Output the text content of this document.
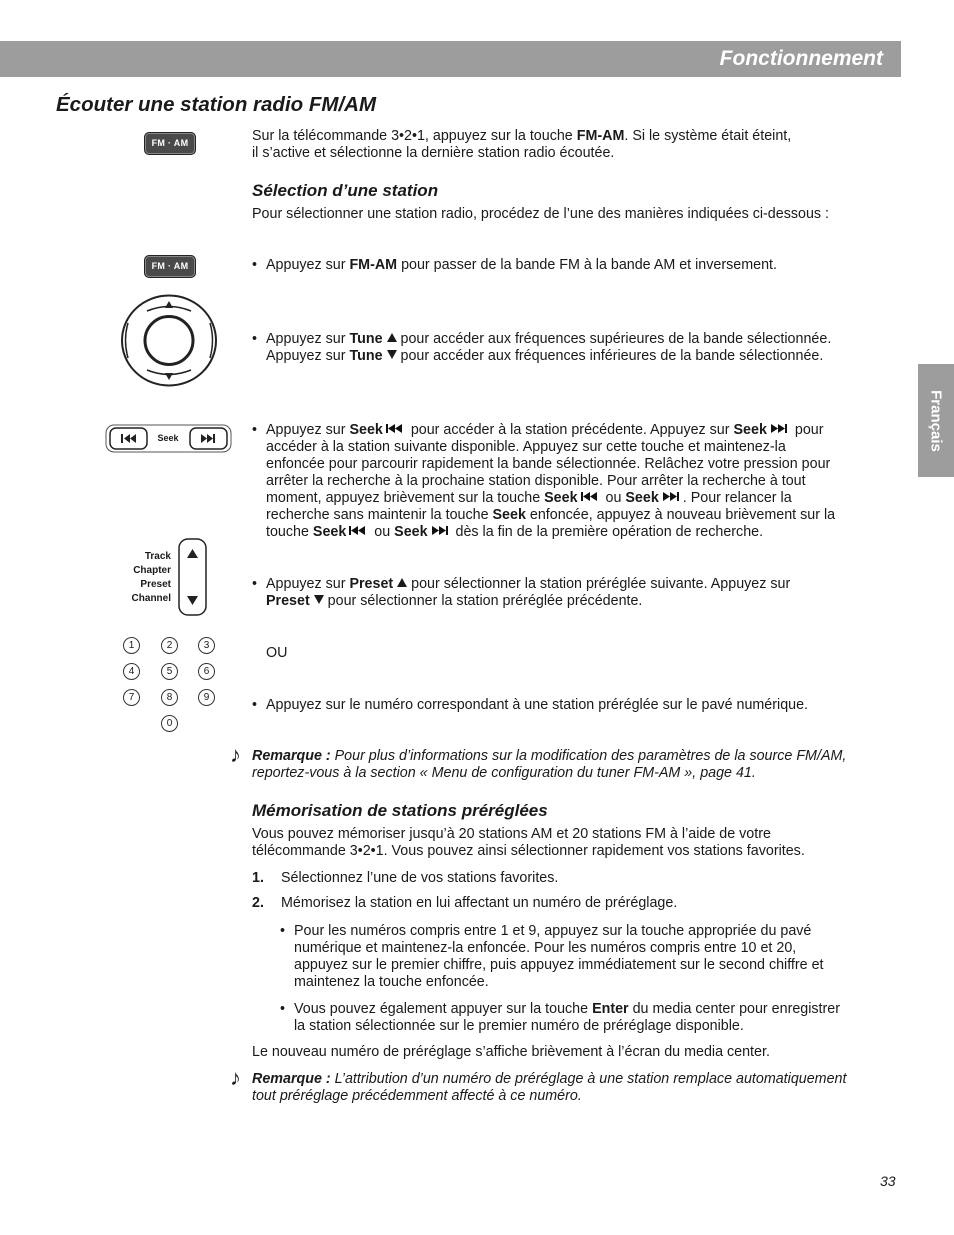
Fonctionnement
Français
Écouter une station radio FM/AM
FM · AM
FM · AM
Seek
Track
Chapter
Preset
Channel
1	2	3
4	5	6
7	8	9
0
Sur la télécommande 3•2•1, appuyez sur la touche FM-AM. Si le système était éteint,
il s’active et sélectionne la dernière station radio écoutée.
Sélection d’une station
Pour sélectionner une station radio, procédez de l’une des manières indiquées ci-dessous :
• Appuyez sur FM-AM pour passer de la bande FM à la bande AM et inversement.
• Appuyez sur Tune  pour accéder aux fréquences supérieures de la bande sélectionnée.
Appuyez sur Tune  pour accéder aux fréquences inférieures de la bande sélectionnée.
• Appuyez sur Seek pour accéder à la station précédente. Appuyez sur Seek pour
accéder à la station suivante disponible. Appuyez sur cette touche et maintenez-la
enfoncée pour parcourir rapidement la bande sélectionnée. Relâchez votre pression pour
arrêter la recherche à la prochaine station disponible. Pour arrêter la recherche à tout
moment, appuyez brièvement sur la touche Seek ou Seek . Pour relancer la
recherche sans maintenir la touche Seek enfoncée, appuyez à nouveau brièvement sur la
touche Seek ou Seek dès la fin de la première opération de recherche.
• Appuyez sur Preset  pour sélectionner la station préréglée suivante. Appuyez sur
Preset  pour sélectionner la station préréglée précédente.
OU
• Appuyez sur le numéro correspondant à une station préréglée sur le pavé numérique.
♪ Remarque : Pour plus d’informations sur la modification des paramètres de la source FM/AM,
reportez-vous à la section « Menu de configuration du tuner FM-AM », page 41.
Mémorisation de stations préréglées
Vous pouvez mémoriser jusqu’à 20 stations AM et 20 stations FM à l’aide de votre
télécommande 3•2•1. Vous pouvez ainsi sélectionner rapidement vos stations favorites.
1. Sélectionnez l’une de vos stations favorites.
2. Mémorisez la station en lui affectant un numéro de préréglage.
• Pour les numéros compris entre 1 et 9, appuyez sur la touche appropriée du pavé
numérique et maintenez-la enfoncée. Pour les numéros compris entre 10 et 20,
appuyez sur le premier chiffre, puis appuyez immédiatement sur le second chiffre et
maintenez la touche enfoncée.
• Vous pouvez également appuyer sur la touche Enter du media center pour enregistrer
la station sélectionnée sur le premier numéro de préréglage disponible.
Le nouveau numéro de préréglage s’affiche brièvement à l’écran du media center.
♪ Remarque : L’attribution d’un numéro de préréglage à une station remplace automatiquement
tout préréglage précédemment affecté à ce numéro.
33
